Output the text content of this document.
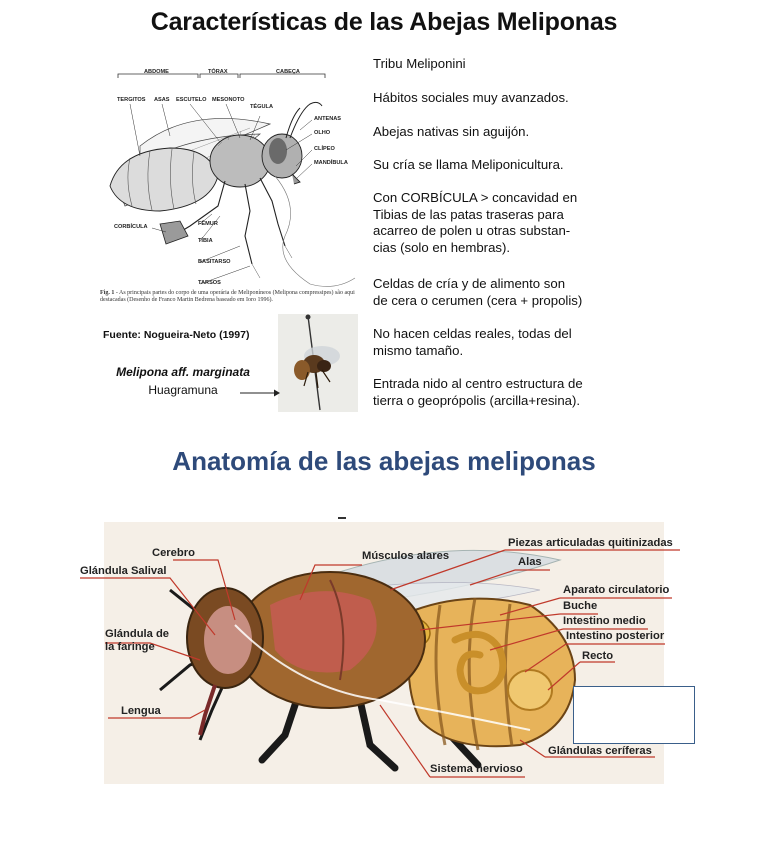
Características de las Abejas Meliponas
ABDOME	TÓRAX	CABEÇA
TERGITOS ASAS ESCUTELO MESONOTO
TÉGULA
ANTENAS
OLHO
CLÍPEO
MANDÍBULA
CORBÍCULA	FÊMUR
TÍBIA
BASITARSO
TARSOS
Fig. 1 - As principais partes do corpo de uma operária de Meliponíneos (Melipona compressipes) são aqui destacadas (Desenho de Franco Martin Bedrena baseado em Ioro 1996).
Fuente: Nogueira-Neto (1997)
Melipona aff. marginata
Huagramuna
Tribu Meliponini
Hábitos sociales muy avanzados.
Abejas nativas sin aguijón.
Su cría se llama Meliponicultura.
Con CORBÍCULA > concavidad en
Tibias de las patas traseras para
acarreo de polen u otras substan-
cias (solo en hembras).
Celdas de cría y de alimento son
de cera o cerumen (cera + propolis)
No hacen celdas reales, todas del
mismo tamaño.
Entrada nido al centro estructura de
tierra o geoprópolis (arcilla+resina).
Anatomía de las abejas meliponas
Cerebro
Glándula Salival
Glándula de
la faringe
Lengua
Músculos alares
Piezas articuladas quitinizadas
Alas
Aparato circulatorio
Buche
Intestino medio
Intestino posterior
Recto
Glándulas ceríferas
Sistema nervioso
